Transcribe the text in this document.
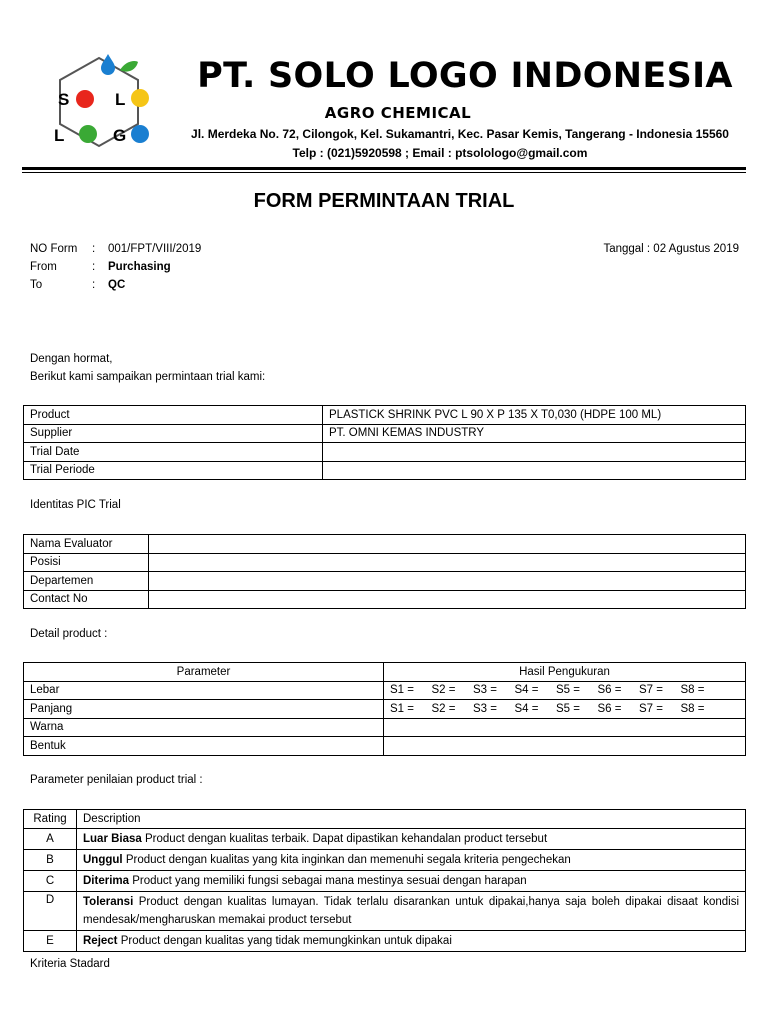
S	L
L	G
PT. SOLO LOGO INDONESIA
AGRO CHEMICAL
Jl. Merdeka No. 72, Cilongok, Kel. Sukamantri, Kec. Pasar Kemis, Tangerang - Indonesia 15560
Telp : (021)5920598 ; Email : ptsolologo@gmail.com
FORM PERMINTAAN TRIAL
NO Form : 001/FPT/VIII/2019	Tanggal : 02 Agustus 2019
From	: Purchasing
To	: QC
Dengan hormat,
Berikut kami sampaikan permintaan trial kami:
Product	PLASTICK SHRINK PVC L 90 X P 135 X T0,030 (HDPE 100 ML)
Supplier	PT. OMNI KEMAS INDUSTRY
Trial Date	
Trial Periode	
Identitas PIC Trial
Nama Evaluator	
Posisi	
Departemen	
Contact No	
Detail product :
Parameter	Hasil Pengukuran
Lebar	S1 = S2 = S3 = S4 = S5 = S6 = S7 = S8 =
Panjang	S1 = S2 = S3 = S4 = S5 = S6 = S7 = S8 =
Warna	
Bentuk	
Parameter penilaian product trial :
Rating	Description
A	Luar Biasa Product dengan kualitas terbaik. Dapat dipastikan kehandalan product tersebut
B	Unggul Product dengan kualitas yang kita inginkan dan memenuhi segala kriteria pengechekan
C	Diterima Product yang memiliki fungsi sebagai mana mestinya sesuai dengan harapan
D	Toleransi Product dengan kualitas lumayan. Tidak terlalu disarankan untuk dipakai,hanya saja boleh dipakai disaat kondisi mendesak/mengharuskan memakai product tersebut
E	Reject Product dengan kualitas yang tidak memungkinkan untuk dipakai
Kriteria Stadard
